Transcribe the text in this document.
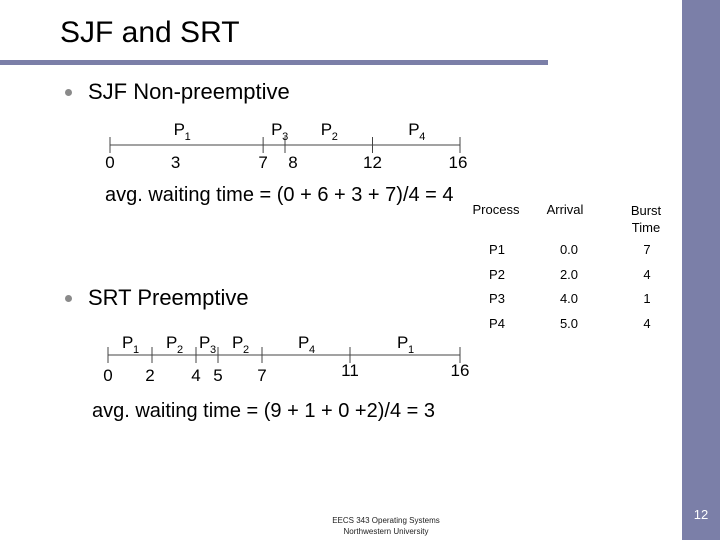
SJF and SRT
SJF Non-preemptive
avg. waiting time = (0 + 6 + 3 + 7)/4 = 4
SRT Preemptive
avg. waiting time = (9 + 1 + 0 +2)/4 = 3
P 1	P 3 P 2	P 4
0	3	7 8	12	16
P 1 P 2 P 3 P 2	P 4	P 1
0 2 4 5 7	11	16
Process	Arrival	Burst Time
P1	0.0	7
P2	2.0	4
P3	4.0	1
P4	5.0	4
EECS 343 Operating Systems
Northwestern University
12
